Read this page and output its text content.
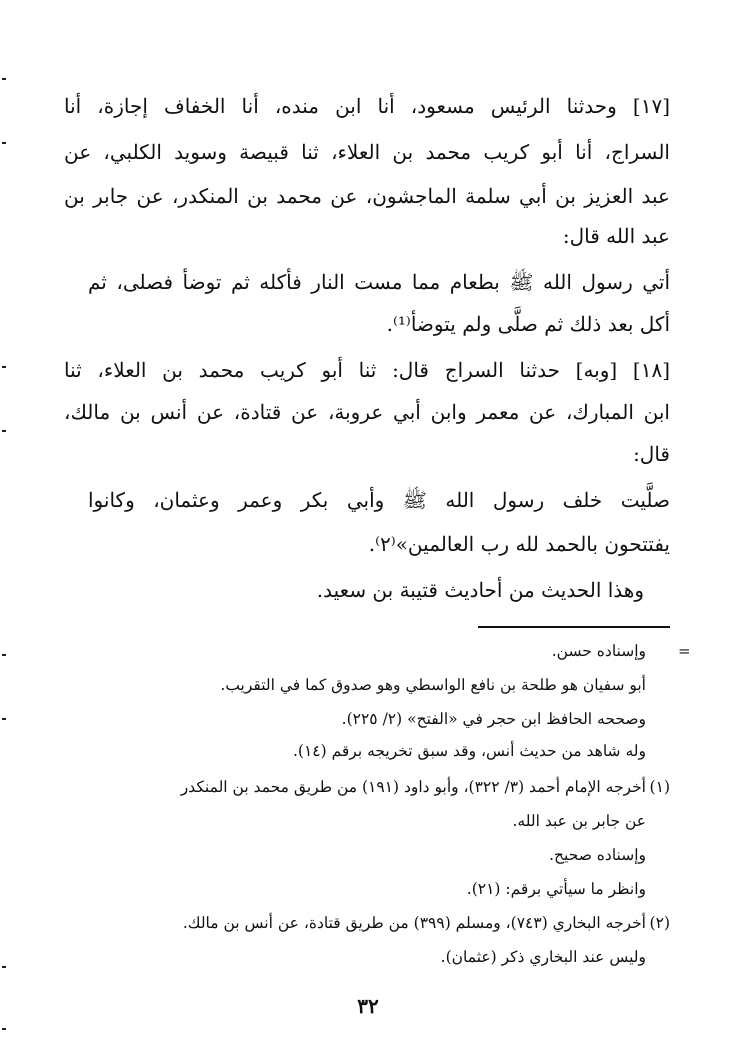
[١٧] وحدثنا الرئيس مسعود، أنا ابن منده، أنا الخفاف إجازة، أنا
السراج، أنا أبو كريب محمد بن العلاء، ثنا قبيصة وسويد الكلبي، عن
عبد العزيز بن أبي سلمة الماجشون، عن محمد بن المنكدر، عن جابر بن
عبد الله قال:
أتي رسول الله ﷺ بطعام مما مست النار فأكله ثم توضأ فصلى، ثم
أكل بعد ذلك ثم صلَّى ولم يتوضأ⁽¹⁾.
[١٨] [وبه] حدثنا السراج قال: ثنا أبو كريب محمد بن العلاء، ثنا
ابن المبارك، عن معمر وابن أبي عروبة، عن قتادة، عن أنس بن مالك،
قال:
صلَّيت خلف رسول الله ﷺ وأبي بكر وعمر وعثمان، وكانوا
يفتتحون بالحمد لله رب العالمين»⁽٢⁾.
وهذا الحديث من أحاديث قتيبة بن سعيد.
=
وإسناده حسن.
أبو سفيان هو طلحة بن نافع الواسطي وهو صدوق كما في التقريب.
وصححه الحافظ ابن حجر في «الفتح» (٢/ ٢٢٥).
وله شاهد من حديث أنس، وقد سبق تخريجه برقم (١٤).
(١)
أخرجه الإمام أحمد (٣/ ٣٢٢)، وأبو داود (١٩١) من طريق محمد بن المنكدر
عن جابر بن عبد الله.
وإسناده صحيح.
وانظر ما سيأتي برقم: (٢١).
(٢)
أخرجه البخاري (٧٤٣)، ومسلم (٣٩٩) من طريق قتادة، عن أنس بن مالك.
وليس عند البخاري ذكر (عثمان).
٣٢
